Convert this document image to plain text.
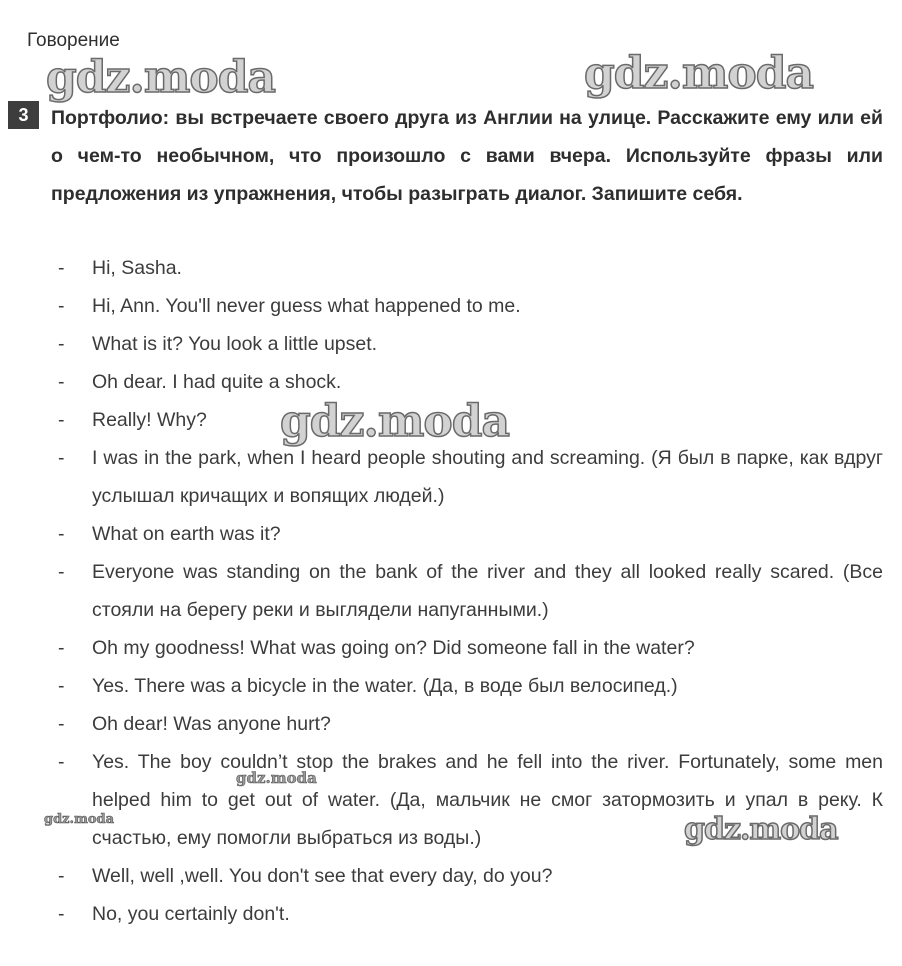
Говорение
3	Портфолио: вы встречаете своего друга из Англии на улице. Расскажите ему или ей о чем-то необычном, что произошло с вами вчера. Используйте фразы или предложения из упражнения, чтобы разыграть диалог. Запишите себя.
- Hi, Sasha.
- Hi, Ann. You'll never guess what happened to me.
- What is it? You look a little upset.
- Oh dear. I had quite a shock.
- Really! Why?
- I was in the park, when I heard people shouting and screaming. (Я был в парке, как вдруг услышал кричащих и вопящих людей.)
- What on earth was it?
- Everyone was standing on the bank of the river and they all looked really scared. (Все стояли на берегу реки и выглядели напуганными.)
- Oh my goodness! What was going on? Did someone fall in the water?
- Yes. There was a bicycle in the water. (Да, в воде был велосипед.)
- Oh dear! Was anyone hurt?
- Yes. The boy couldn’t stop the brakes and he fell into the river. Fortunately, some men helped him to get out of water. (Да, мальчик не смог затормозить и упал в реку. К счастью, ему помогли выбраться из воды.)
- Well, well ,well. You don't see that every day, do you?
- No, you certainly don't.
gdz.moda	gdz.moda
gdz.moda
gdz.moda
gdz.moda
gdz.moda
